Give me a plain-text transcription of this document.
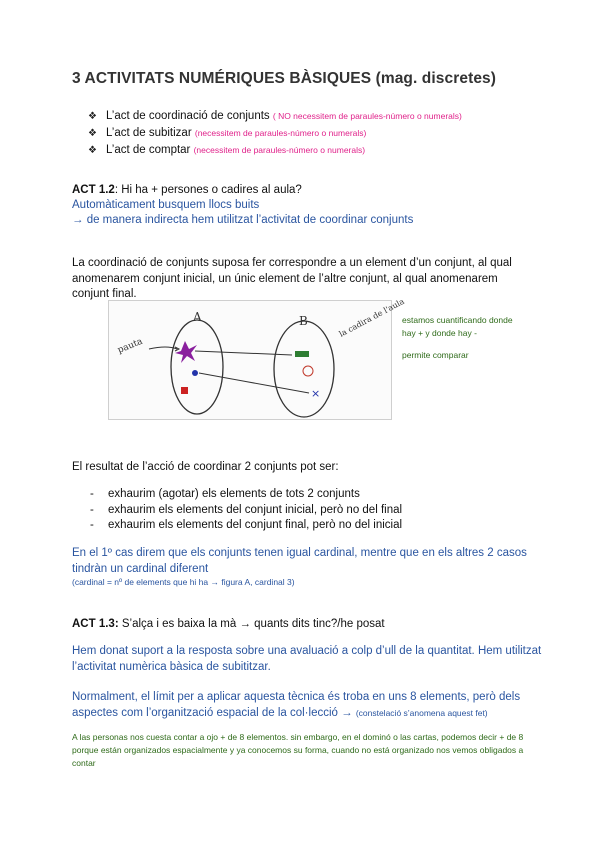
3 ACTIVITATS NUMÉRIQUES BÀSIQUES (mag. discretes)
❖ L’act de coordinació de conjunts ( NO necessitem de paraules-número o numerals)
❖ L’act de subitizar (necessitem de paraules-número o numerals)
❖ L’act de comptar (necessitem de paraules-número o numerals)
ACT 1.2: Hi ha + persones o cadires al aula?
Automàticament busquem llocs buits
→ de manera indirecta hem utilitzat l’activitat de coordinar conjunts
La coordinació de conjunts suposa fer correspondre a un element d’un conjunt, al qual anomenarem conjunt inicial, un únic element de l’altre conjunt, al qual anomenarem conjunt final.
A	B
pauta
la cadira de l'aula
×
estamos cuantificando donde
hay + y donde hay -
permite comparar
El resultat de l’acció de coordinar 2 conjunts pot ser:
- exhaurim (agotar) els elements de tots 2 conjunts
- exhaurim els elements del conjunt inicial, però no del final
- exhaurim els elements del conjunt final, però no del inicial
En el 1º cas direm que els conjunts tenen igual cardinal, mentre que en els altres 2 casos tindràn un cardinal diferent
(cardinal = nº de elements que hi ha → figura A, cardinal 3)
ACT 1.3: S’alça i es baixa la mà → quants dits tinc?/he posat
Hem donat suport a la resposta sobre una avaluació a colp d’ull de la quantitat. Hem utilitzat l’activitat numèrica bàsica de subititzar.
Normalment, el límit per a aplicar aquesta tècnica és troba en uns 8 elements, però dels aspectes com l’organització espacial de la col·lecció → (constelació s’anomena aquest fet)
A las personas nos cuesta contar a ojo + de 8 elementos. sin embargo, en el dominó o las cartas, podemos decir + de 8 porque están organizados espacialmente y ya conocemos su forma, cuando no está organizado nos vemos obligados a contar
